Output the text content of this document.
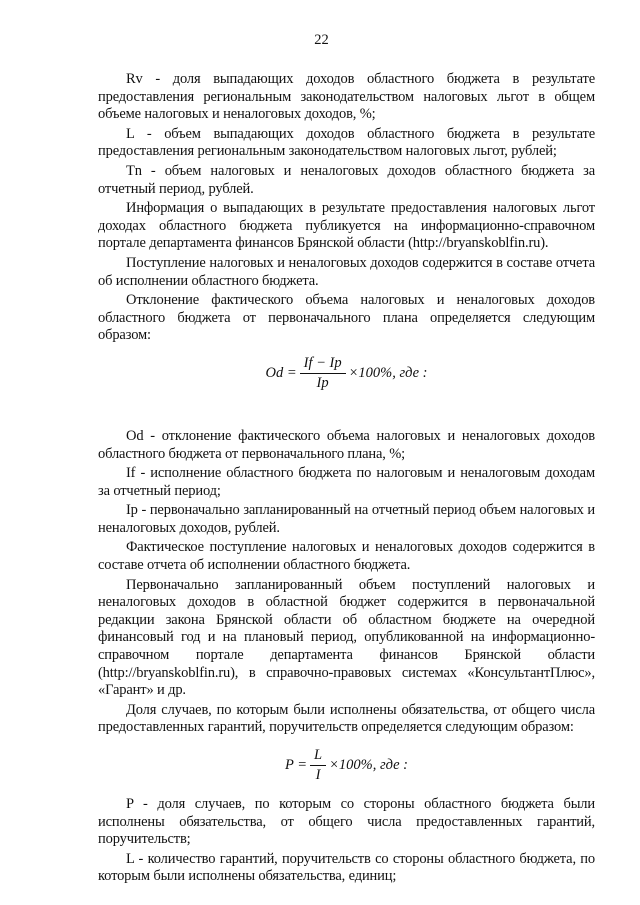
22

Rv - доля выпадающих доходов областного бюджета в результате предоставления региональным законодательством налоговых льгот в общем объеме налоговых и неналоговых доходов, %;

L - объем выпадающих доходов областного бюджета в результате предоставления региональным законодательством налоговых льгот, рублей;

Tn - объем налоговых и неналоговых доходов областного бюджета за отчетный период, рублей.

Информация о выпадающих в результате предоставления налоговых льгот доходах областного бюджета публикуется на информационно-справочном портале департамента финансов Брянской области (http://bryanskoblfin.ru).

Поступление налоговых и неналоговых доходов содержится в составе отчета об исполнении областного бюджета.

Отклонение фактического объема налоговых и неналоговых доходов областного бюджета от первоначального плана определяется следующим образом:

$Od = \frac{If - Ip}{Ip} \times 100\%$, где :

Od - отклонение фактического объема налоговых и неналоговых доходов областного бюджета от первоначального плана, %;

If - исполнение областного бюджета по налоговым и неналоговым доходам за отчетный период;

Ip - первоначально запланированный на отчетный период объем налоговых и неналоговых доходов, рублей.

Фактическое поступление налоговых и неналоговых доходов содержится в составе отчета об исполнении областного бюджета.

Первоначально запланированный объем поступлений налоговых и неналоговых доходов в областной бюджет содержится в первоначальной редакции закона Брянской области об областном бюджете на очередной финансовый год и на плановый период, опубликованной на информационно-справочном портале департамента финансов Брянской области (http://bryanskoblfin.ru), в справочно-правовых системах «КонсультантПлюс», «Гарант» и др.

Доля случаев, по которым были исполнены обязательства, от общего числа предоставленных гарантий, поручительств определяется следующим образом:

$P = \frac{L}{I} \times 100\%$, где :

P - доля случаев, по которым со стороны областного бюджета были исполнены обязательства, от общего числа предоставленных гарантий, поручительств;

L - количество гарантий, поручительств со стороны областного бюджета, по которым были исполнены обязательства, единиц;
